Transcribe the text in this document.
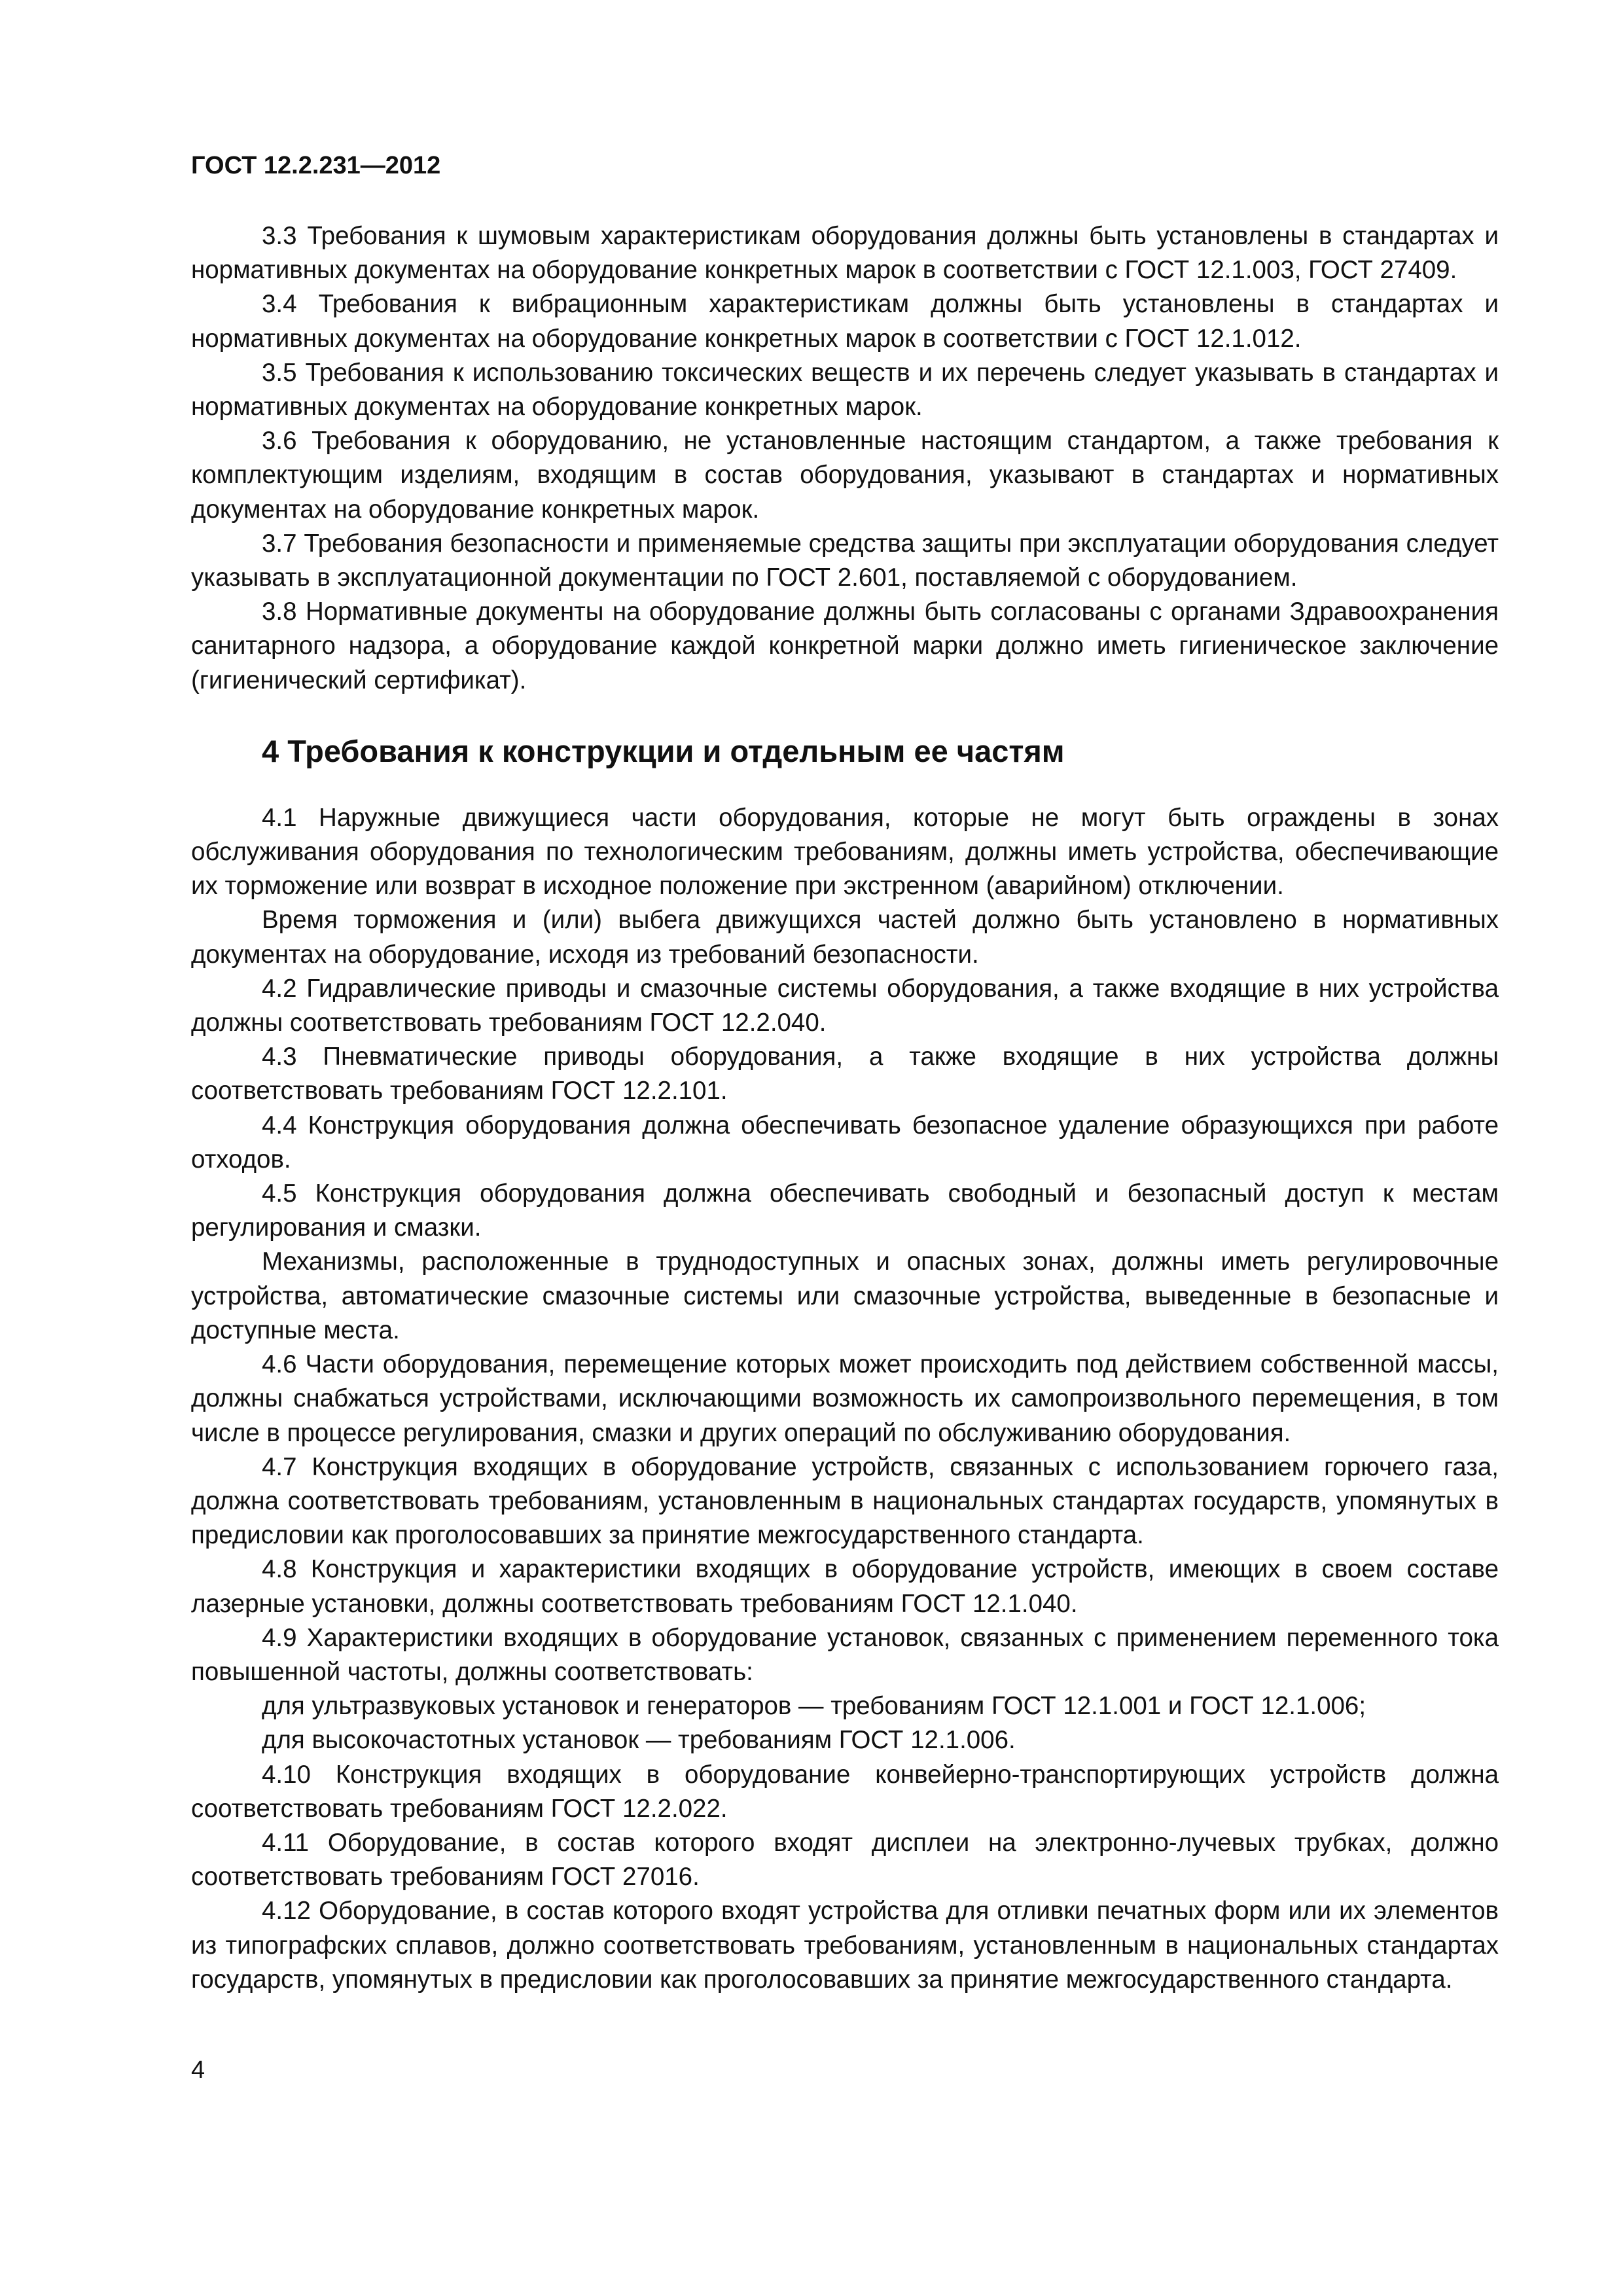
ГОСТ 12.2.231—2012

3.3 Требования к шумовым характеристикам оборудования должны быть установлены в стандартах и нормативных документах на оборудование конкретных марок в соответствии с ГОСТ 12.1.003, ГОСТ 27409.

3.4 Требования к вибрационным характеристикам должны быть установлены в стандартах и нормативных документах на оборудование конкретных марок в соответствии с ГОСТ 12.1.012.

3.5 Требования к использованию токсических веществ и их перечень следует указывать в стандартах и нормативных документах на оборудование конкретных марок.

3.6 Требования к оборудованию, не установленные настоящим стандартом, а также требования к комплектующим изделиям, входящим в состав оборудования, указывают в стандартах и нормативных документах на оборудование конкретных марок.

3.7 Требования безопасности и применяемые средства защиты при эксплуатации оборудования следует указывать в эксплуатационной документации по ГОСТ 2.601, поставляемой с оборудованием.

3.8 Нормативные документы на оборудование должны быть согласованы с органами Здравоохранения санитарного надзора, а оборудование каждой конкретной марки должно иметь гигиеническое заключение (гигиенический сертификат).

4 Требования к конструкции и отдельным ее частям

4.1 Наружные движущиеся части оборудования, которые не могут быть ограждены в зонах обслуживания оборудования по технологическим требованиям, должны иметь устройства, обеспечивающие их торможение или возврат в исходное положение при экстренном (аварийном) отключении.

Время торможения и (или) выбега движущихся частей должно быть установлено в нормативных документах на оборудование, исходя из требований безопасности.

4.2 Гидравлические приводы и смазочные системы оборудования, а также входящие в них устройства должны соответствовать требованиям ГОСТ 12.2.040.

4.3 Пневматические приводы оборудования, а также входящие в них устройства должны соответствовать требованиям ГОСТ 12.2.101.

4.4 Конструкция оборудования должна обеспечивать безопасное удаление образующихся при работе отходов.

4.5 Конструкция оборудования должна обеспечивать свободный и безопасный доступ к местам регулирования и смазки.

Механизмы, расположенные в труднодоступных и опасных зонах, должны иметь регулировочные устройства, автоматические смазочные системы или смазочные устройства, выведенные в безопасные и доступные места.

4.6 Части оборудования, перемещение которых может происходить под действием собственной массы, должны снабжаться устройствами, исключающими возможность их самопроизвольного перемещения, в том числе в процессе регулирования, смазки и других операций по обслуживанию оборудования.

4.7 Конструкция входящих в оборудование устройств, связанных с использованием горючего газа, должна соответствовать требованиям, установленным в национальных стандартах государств, упомянутых в предисловии как проголосовавших за принятие межгосударственного стандарта.

4.8 Конструкция и характеристики входящих в оборудование устройств, имеющих в своем составе лазерные установки, должны соответствовать требованиям ГОСТ 12.1.040.

4.9 Характеристики входящих в оборудование установок, связанных с применением переменного тока повышенной частоты, должны соответствовать:

для ультразвуковых установок и генераторов — требованиям ГОСТ 12.1.001 и ГОСТ 12.1.006;

для высокочастотных установок — требованиям ГОСТ 12.1.006.

4.10 Конструкция входящих в оборудование конвейерно-транспортирующих устройств должна соответствовать требованиям ГОСТ 12.2.022.

4.11 Оборудование, в состав которого входят дисплеи на электронно-лучевых трубках, должно соответствовать требованиям ГОСТ 27016.

4.12 Оборудование, в состав которого входят устройства для отливки печатных форм или их элементов из типографских сплавов, должно соответствовать требованиям, установленным в национальных стандартах государств, упомянутых в предисловии как проголосовавших за принятие межгосударственного стандарта.

4
